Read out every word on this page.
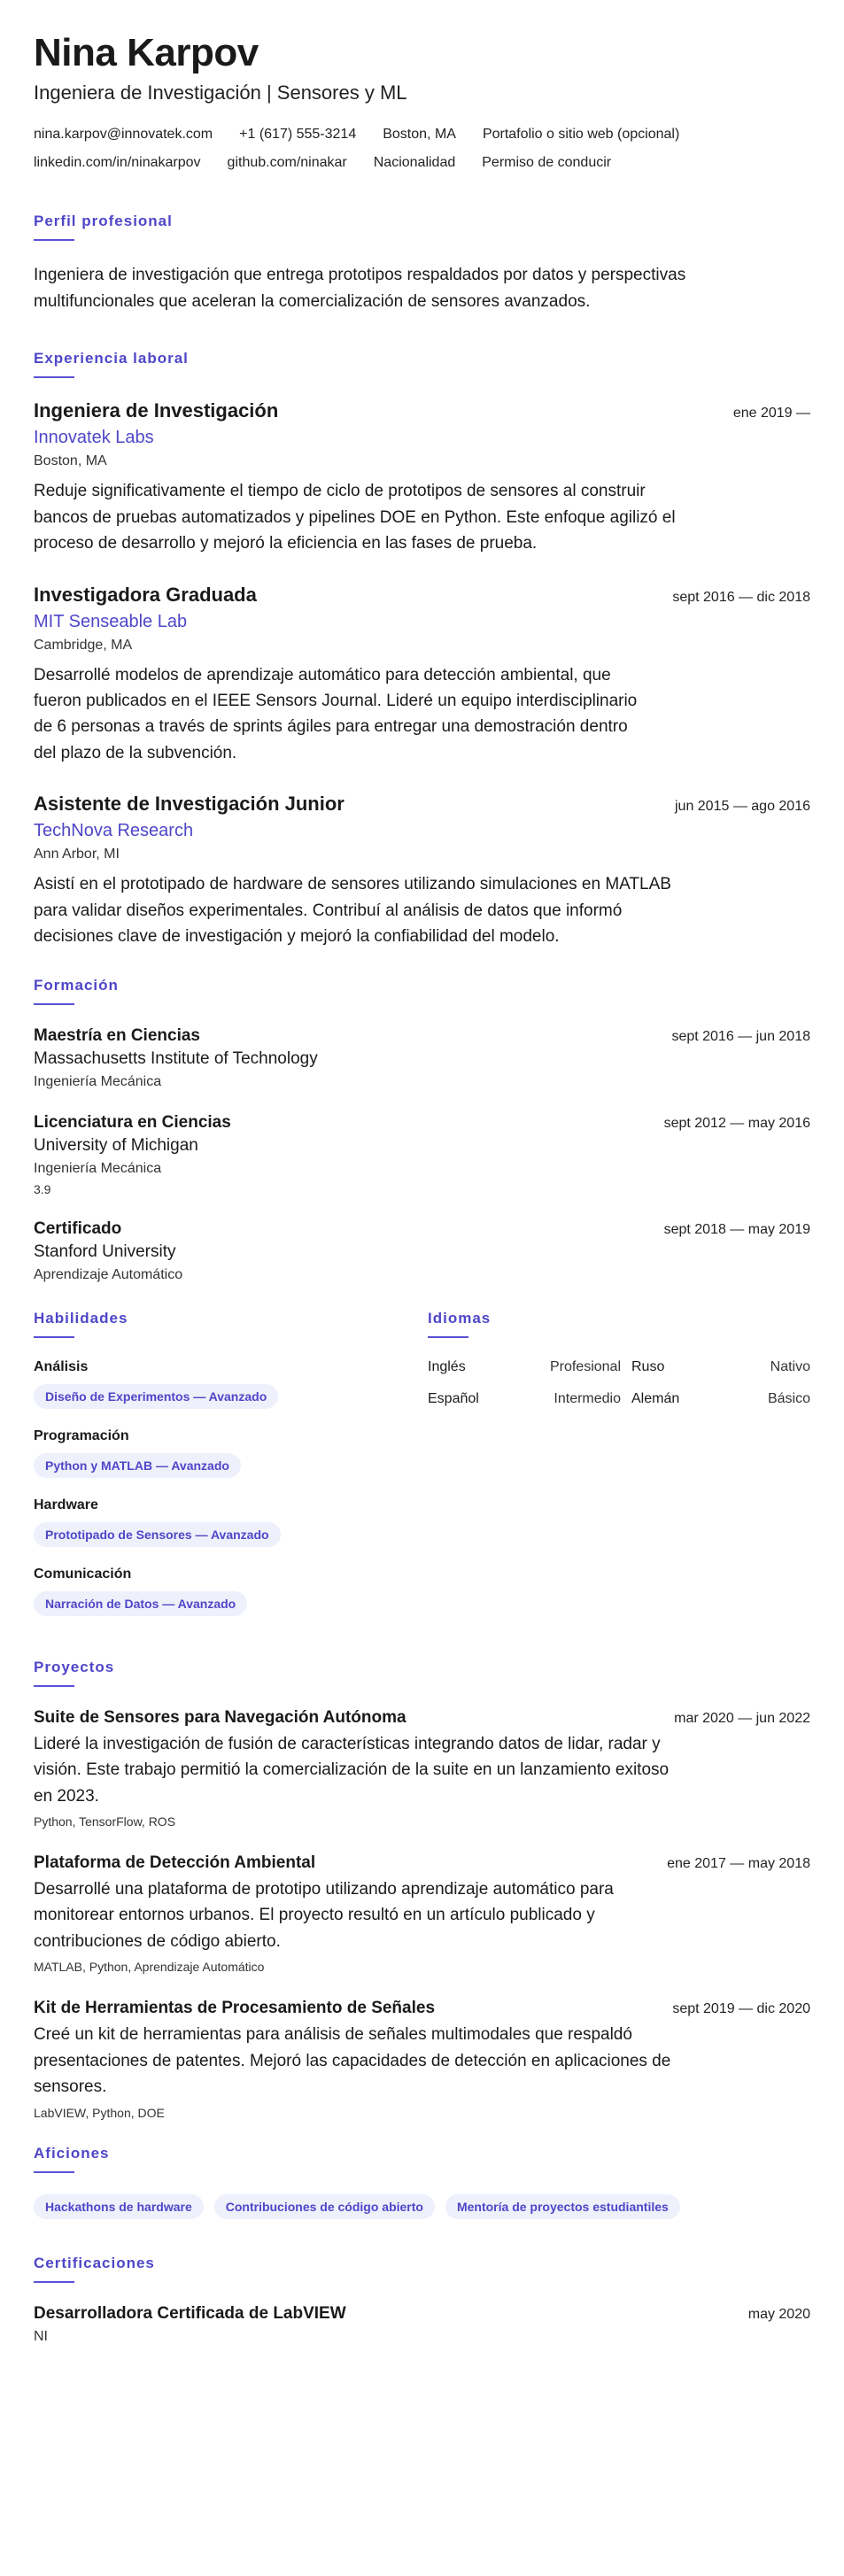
Nina Karpov
Ingeniera de Investigación | Sensores y ML
nina.karpov@innovatek.com +1 (617) 555-3214 Boston, MA Portafolio o sitio web (opcional)
linkedin.com/in/ninakarpov github.com/ninakar Nacionalidad Permiso de conducir
Perfil profesional
Ingeniera de investigación que entrega prototipos respaldados por datos y perspectivas multifuncionales que aceleran la comercialización de sensores avanzados.
Experiencia laboral
Ingeniera de Investigación	ene 2019 —
Innovatek Labs
Boston, MA
Reduje significativamente el tiempo de ciclo de prototipos de sensores al construir bancos de pruebas automatizados y pipelines DOE en Python. Este enfoque agilizó el proceso de desarrollo y mejoró la eficiencia en las fases de prueba.
Investigadora Graduada	sept 2016 — dic 2018
MIT Senseable Lab
Cambridge, MA
Desarrollé modelos de aprendizaje automático para detección ambiental, que fueron publicados en el IEEE Sensors Journal. Lideré un equipo interdisciplinario de 6 personas a través de sprints ágiles para entregar una demostración dentro del plazo de la subvención.
Asistente de Investigación Junior	jun 2015 — ago 2016
TechNova Research
Ann Arbor, MI
Asistí en el prototipado de hardware de sensores utilizando simulaciones en MATLAB para validar diseños experimentales. Contribuí al análisis de datos que informó decisiones clave de investigación y mejoró la confiabilidad del modelo.
Formación
Maestría en Ciencias	sept 2016 — jun 2018
Massachusetts Institute of Technology
Ingeniería Mecánica
Licenciatura en Ciencias	sept 2012 — may 2016
University of Michigan
Ingeniería Mecánica
3.9
Certificado	sept 2018 — may 2019
Stanford University
Aprendizaje Automático
Habilidades
Análisis
Diseño de Experimentos — Avanzado
Programación
Python y MATLAB — Avanzado
Hardware
Prototipado de Sensores — Avanzado
Comunicación
Narración de Datos — Avanzado
Idiomas
Inglés	Profesional Ruso	Nativo
Español	Intermedio Alemán	Básico
Proyectos
Suite de Sensores para Navegación Autónoma	mar 2020 — jun 2022
Lideré la investigación de fusión de características integrando datos de lidar, radar y visión. Este trabajo permitió la comercialización de la suite en un lanzamiento exitoso en 2023.
Python, TensorFlow, ROS
Plataforma de Detección Ambiental	ene 2017 — may 2018
Desarrollé una plataforma de prototipo utilizando aprendizaje automático para monitorear entornos urbanos. El proyecto resultó en un artículo publicado y contribuciones de código abierto.
MATLAB, Python, Aprendizaje Automático
Kit de Herramientas de Procesamiento de Señales	sept 2019 — dic 2020
Creé un kit de herramientas para análisis de señales multimodales que respaldó presentaciones de patentes. Mejoró las capacidades de detección en aplicaciones de sensores.
LabVIEW, Python, DOE
Aficiones
Hackathons de hardware	Contribuciones de código abierto	Mentoría de proyectos estudiantiles
Certificaciones
Desarrolladora Certificada de LabVIEW	may 2020
NI
